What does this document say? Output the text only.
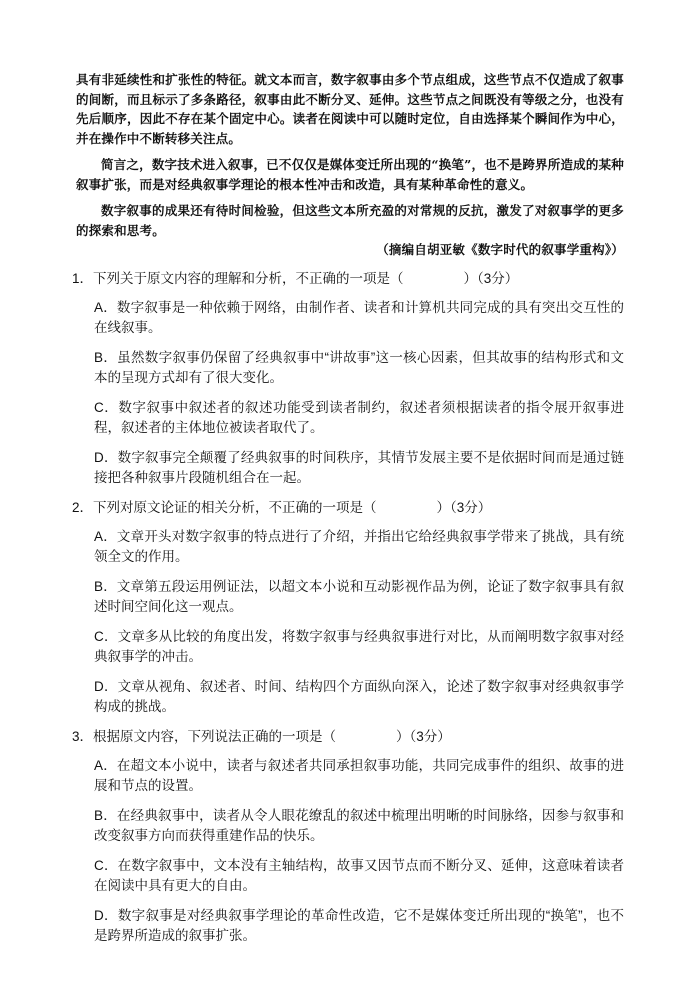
具有非延续性和扩张性的特征。就文本而言，数字叙事由多个节点组成，这些节点不仅造成了叙事的间断，而且标示了多条路径，叙事由此不断分叉、延伸。这些节点之间既没有等级之分，也没有先后顺序，因此不存在某个固定中心。读者在阅读中可以随时定位，自由选择某个瞬间作为中心，并在操作中不断转移关注点。

简言之，数字技术进入叙事，已不仅仅是媒体变迁所出现的“换笔”，也不是跨界所造成的某种叙事扩张，而是对经典叙事学理论的根本性冲击和改造，具有某种革命性的意义。

数字叙事的成果还有待时间检验，但这些文本所充盈的对常规的反抗，激发了对叙事学的更多的探索和思考。
（摘编自胡亚敏《数字时代的叙事学重构》）

1．下列关于原文内容的理解和分析，不正确的一项是（	）（3分）

A．数字叙事是一种依赖于网络，由制作者、读者和计算机共同完成的具有突出交互性的在线叙事。
B．虽然数字叙事仍保留了经典叙事中“讲故事”这一核心因素，但其故事的结构形式和文本的呈现方式却有了很大变化。
C．数字叙事中叙述者的叙述功能受到读者制约，叙述者须根据读者的指令展开叙事进程，叙述者的主体地位被读者取代了。
D．数字叙事完全颠覆了经典叙事的时间秩序，其情节发展主要不是依据时间而是通过链接把各种叙事片段随机组合在一起。

2．下列对原文论证的相关分析，不正确的一项是（	）（3分）

A．文章开头对数字叙事的特点进行了介绍，并指出它给经典叙事学带来了挑战，具有统领全文的作用。
B．文章第五段运用例证法，以超文本小说和互动影视作品为例，论证了数字叙事具有叙述时间空间化这一观点。
C．文章多从比较的角度出发，将数字叙事与经典叙事进行对比，从而阐明数字叙事对经典叙事学的冲击。
D．文章从视角、叙述者、时间、结构四个方面纵向深入，论述了数字叙事对经典叙事学构成的挑战。

3．根据原文内容，下列说法正确的一项是（	）（3分）

A．在超文本小说中，读者与叙述者共同承担叙事功能，共同完成事件的组织、故事的进展和节点的设置。
B．在经典叙事中，读者从令人眼花缭乱的叙述中梳理出明晰的时间脉络，因参与叙事和改变叙事方向而获得重建作品的快乐。
C．在数字叙事中，文本没有主轴结构，故事又因节点而不断分叉、延伸，这意味着读者在阅读中具有更大的自由。
D．数字叙事是对经典叙事学理论的革命性改造，它不是媒体变迁所出现的“换笔”，也不是跨界所造成的叙事扩张。
